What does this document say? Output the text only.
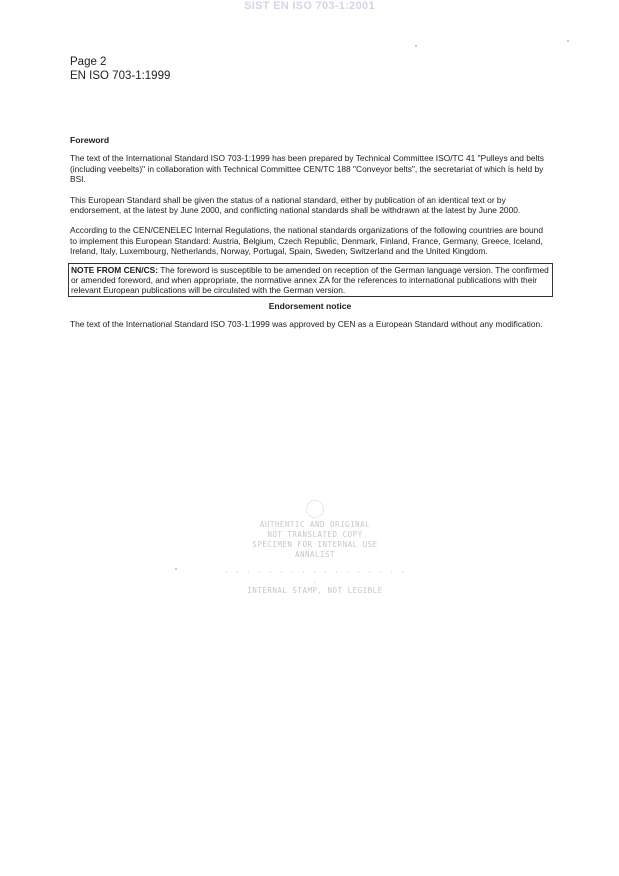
SIST EN ISO 703-1:2001
Page 2
EN ISO 703-1:1999
Foreword

The text of the International Standard ISO 703-1:1999 has been prepared by Technical Committee ISO/TC 41 "Pulleys and belts (including veebelts)" in collaboration with Technical Committee CEN/TC 188 "Conveyor belts", the secretariat of which is held by BSI.

This European Standard shall be given the status of a national standard, either by publication of an identical text or by endorsement, at the latest by June 2000, and conflicting national standards shall be withdrawn at the latest by June 2000.

According to the CEN/CENELEC Internal Regulations, the national standards organizations of the following countries are bound to implement this European Standard: Austria, Belgium, Czech Republic, Denmark, Finland, France, Germany, Greece, Iceland, Ireland, Italy, Luxembourg, Netherlands, Norway, Portugal, Spain, Sweden, Switzerland and the United Kingdom.

NOTE FROM CEN/CS: The foreword is susceptible to be amended on reception of the German language version. The confirmed or amended foreword, and when appropriate, the normative annex ZA for the references to international publications with their relevant European publications will be circulated with the German version.
Endorsement notice

The text of the International Standard ISO 703-1:1999 was approved by CEN as a European Standard without any modification.

AUTHENTIC AND ORIGINAL
NOT TRANSLATED COPY
SPECIMEN FOR INTERNAL USE
ANNALIST
. . . . . . . . . . . . . . . . . .
INTERNAL STAMP, NOT LEGIBLE
